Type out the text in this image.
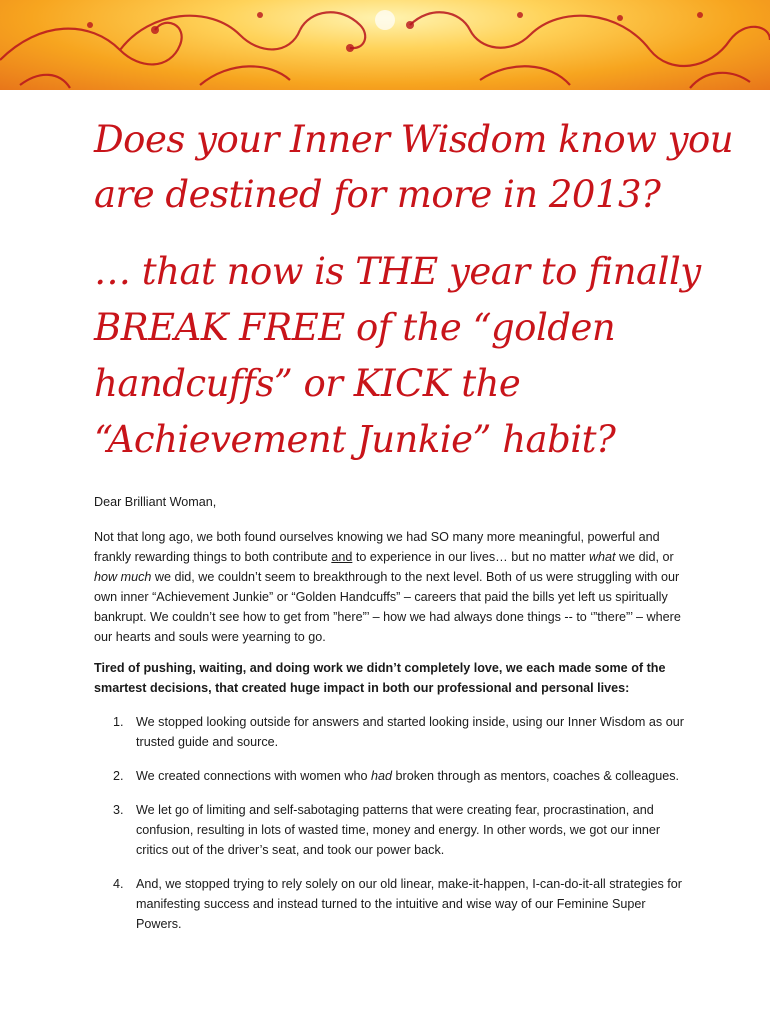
Does your Inner Wisdom know you are destined for more in 2013?
… that now is THE year to finally BREAK FREE of the “golden handcuffs” or KICK the “Achievement Junkie” habit?
Dear Brilliant Woman,
Not that long ago, we both found ourselves knowing we had SO many more meaningful, powerful and frankly rewarding things to both contribute and to experience in our lives… but no matter what we did, or how much we did, we couldn’t seem to breakthrough to the next level. Both of us were struggling with our own inner “Achievement Junkie” or “Golden Handcuffs” – careers that paid the bills yet left us spiritually bankrupt. We couldn’t see how to get from ”here”’ – how we had always done things -- to ‘”there”’ – where our hearts and souls were yearning to go.
Tired of pushing, waiting, and doing work we didn’t completely love, we each made some of the smartest decisions, that created huge impact in both our professional and personal lives:
1. We stopped looking outside for answers and started looking inside, using our Inner Wisdom as our trusted guide and source.
2. We created connections with women who had broken through as mentors, coaches & colleagues.
3. We let go of limiting and self-sabotaging patterns that were creating fear, procrastination, and confusion, resulting in lots of wasted time, money and energy. In other words, we got our inner critics out of the driver’s seat, and took our power back.
4. And, we stopped trying to rely solely on our old linear, make-it-happen, I-can-do-it-all strategies for manifesting success and instead turned to the intuitive and wise way of our Feminine Super Powers.
